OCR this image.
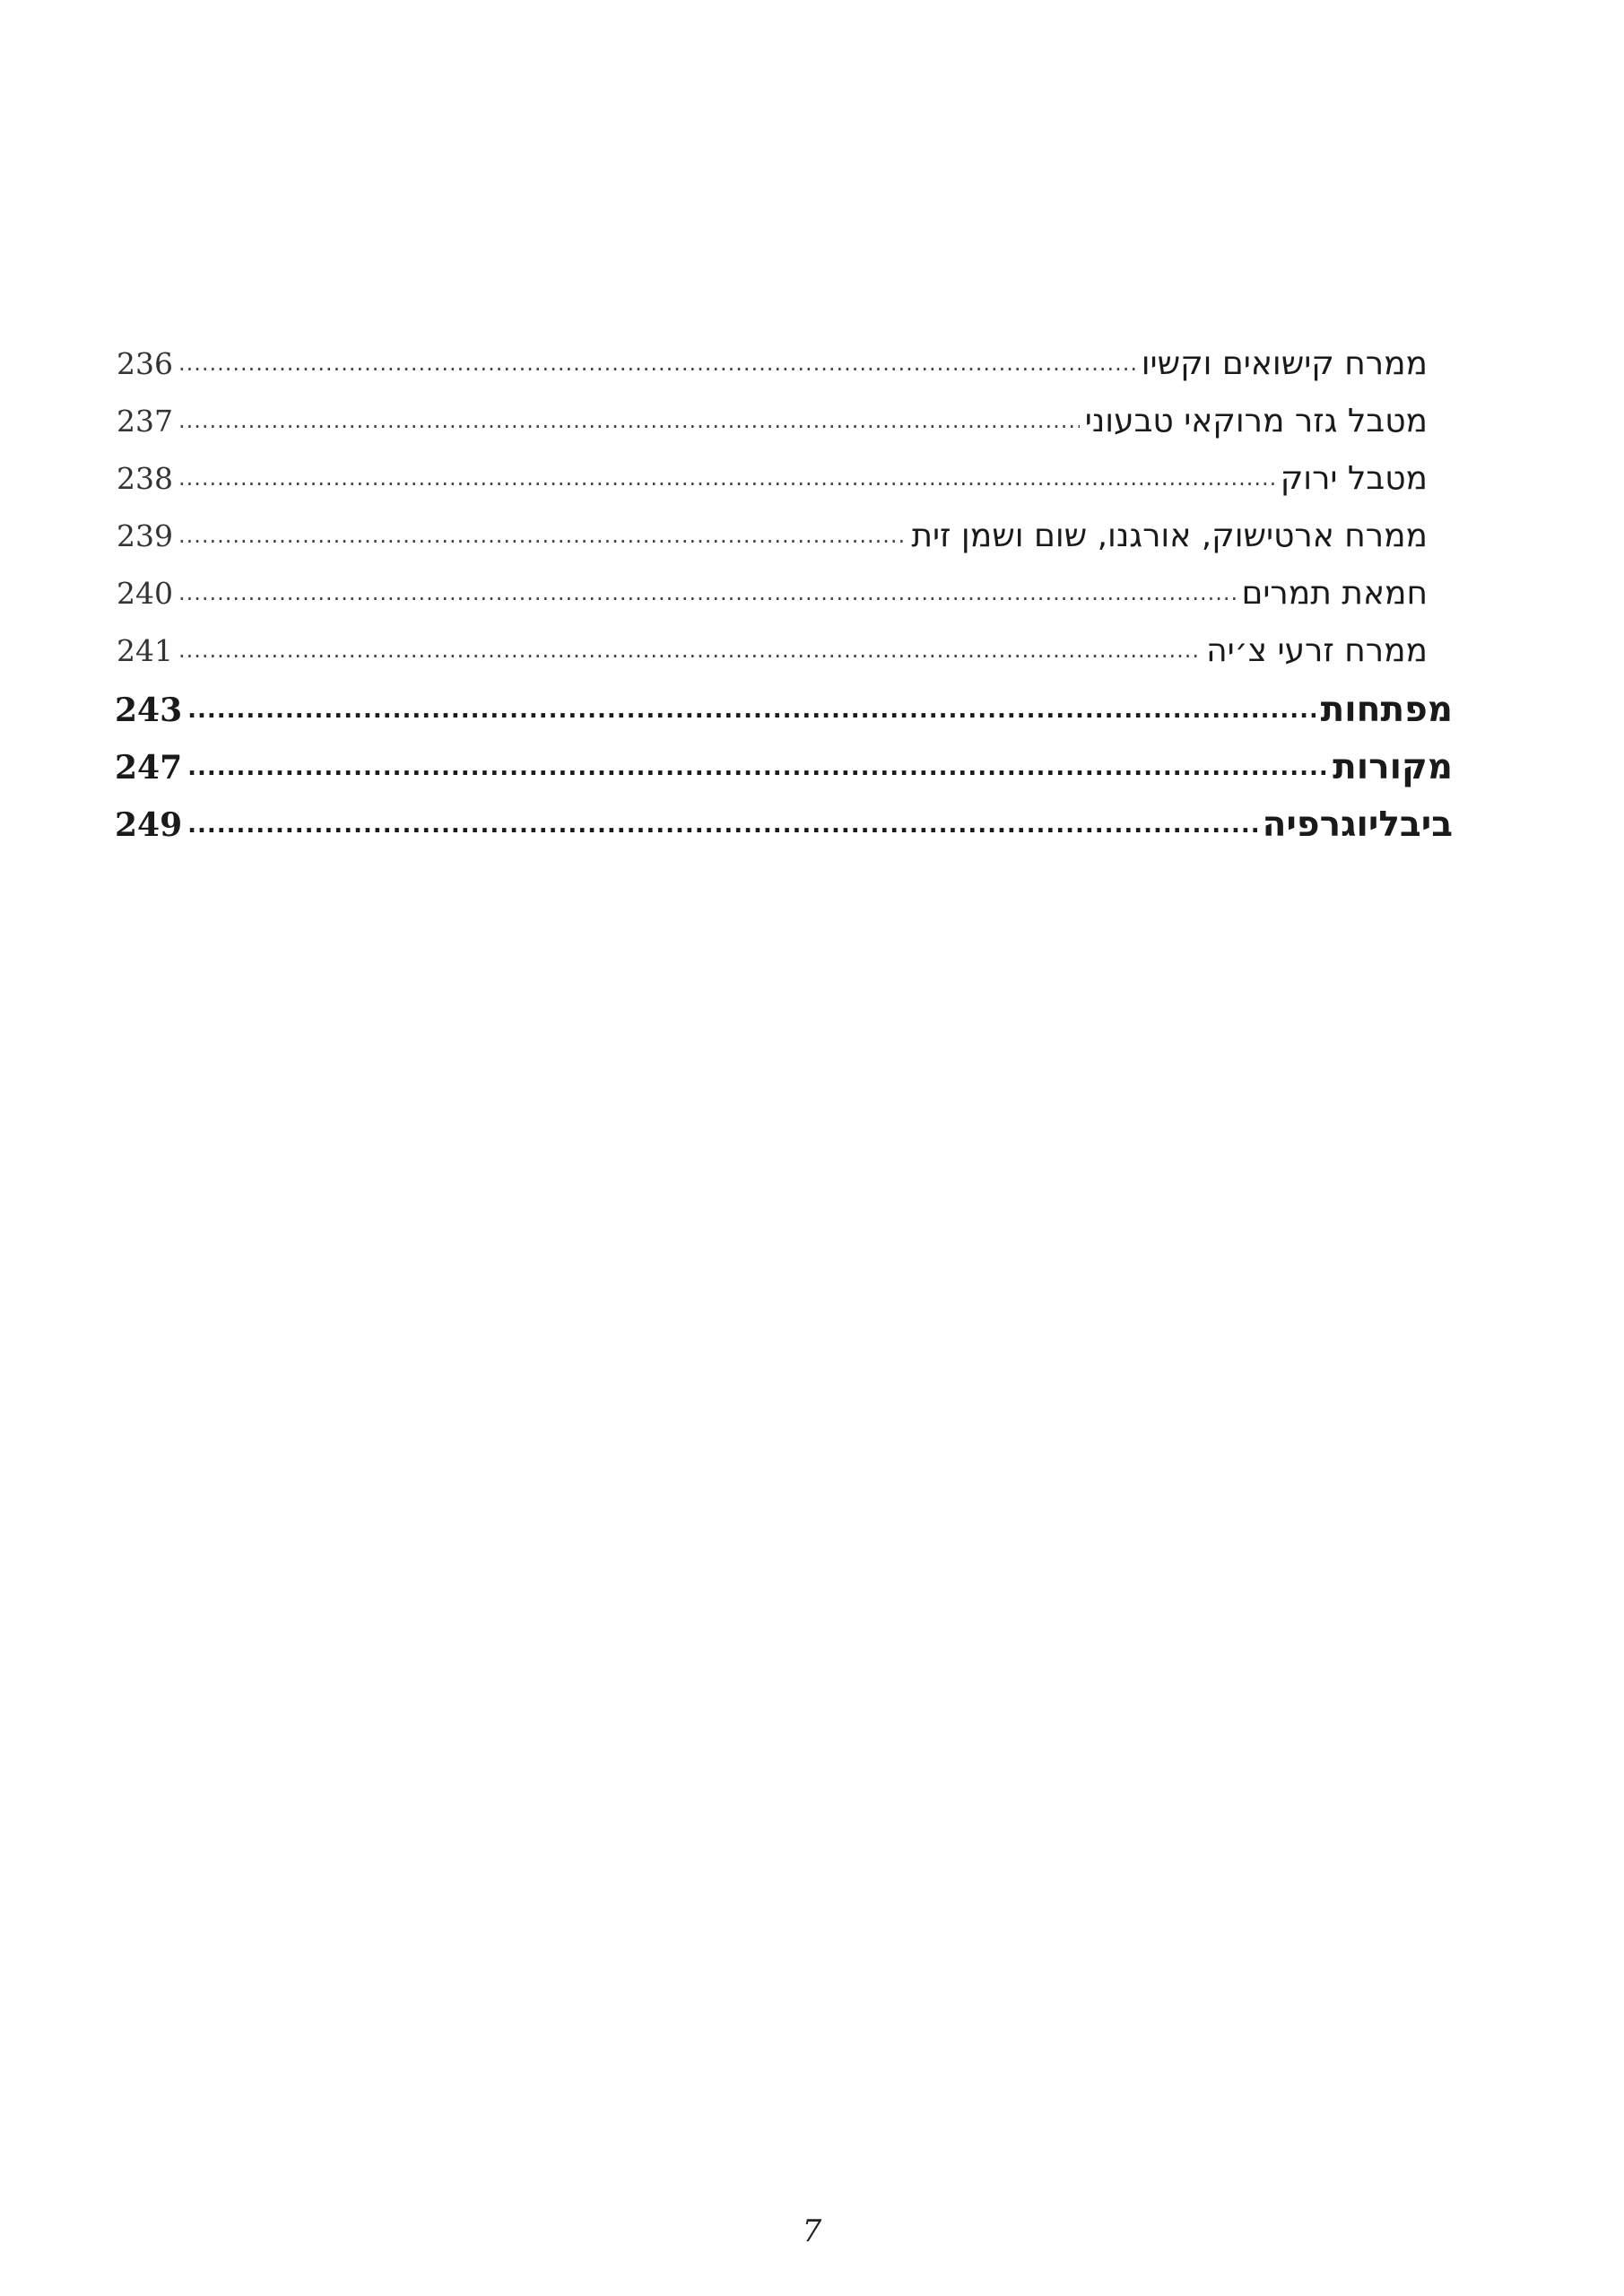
ממרח קישואים וקשיו
.....
236
מטבל גזר מרוקאי טבעוני
.....
237
מטבל ירוק
.....
238
ממרח ארטישוק, אורגנו, שום ושמן זית
.....
239
חמאת תמרים
.....
240
ממרח זרעי צ׳יה
.....
241
מפתחות
.....
243
מקורות
.....
247
ביבליוגרפיה
.....
249
7
